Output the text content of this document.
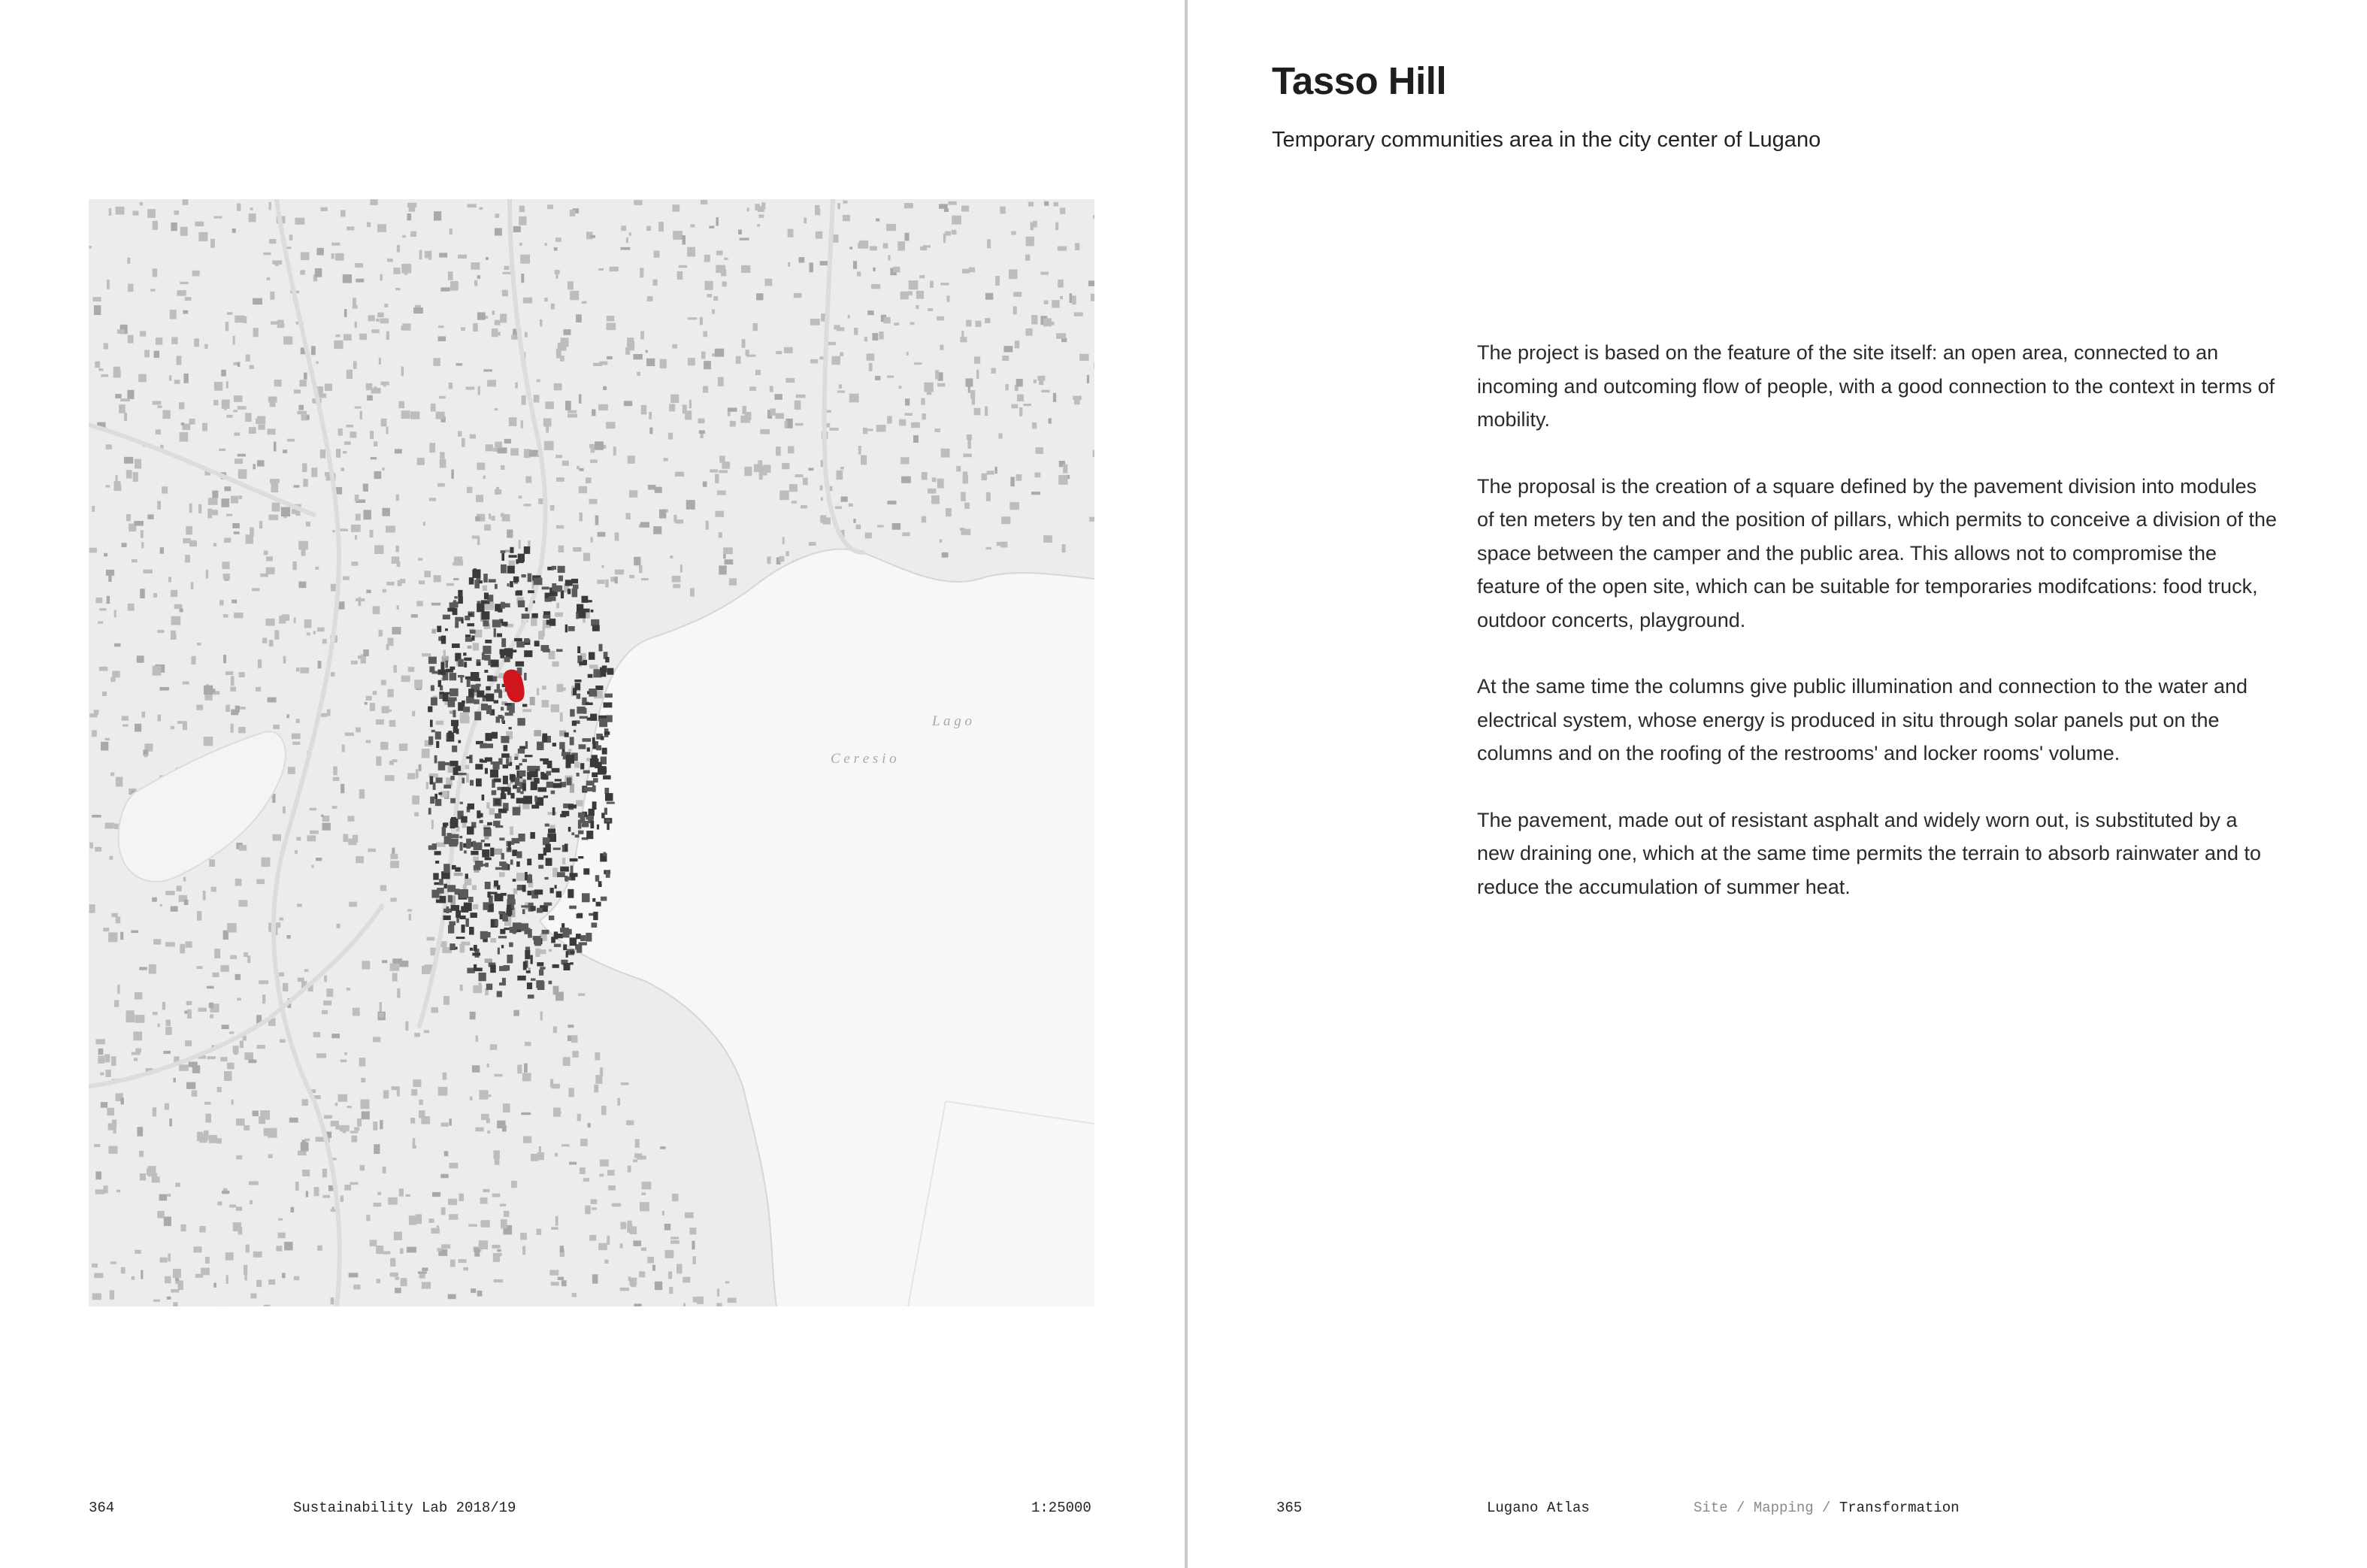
L a g o
C e r e s i o
364	Sustainability Lab 2018/19	1:25000
Tasso Hill

Temporary communities area in the city center of Lugano

The project is based on the feature of the site itself: an open area, connected to an incoming and outcoming flow of people, with a good connection to the context in terms of mobility.

The proposal is the creation of a square defined by the pavement division into modules of ten meters by ten and the position of pillars, which permits to conceive a division of the space between the camper and the public area. This allows not to compromise the feature of the open site, which can be suitable for temporaries modifcations: food truck, outdoor concerts, playground.

At the same time the columns give public illumination and connection to the water and electrical system, whose energy is produced in situ through solar panels put on the columns and on the roofing of the restrooms' and locker rooms' volume.

The pavement, made out of resistant asphalt and widely worn out, is substituted by a new draining one, which at the same time permits the terrain to absorb rainwater and to reduce the accumulation of summer heat.

365	Lugano Atlas	Site / Mapping / Transformation
